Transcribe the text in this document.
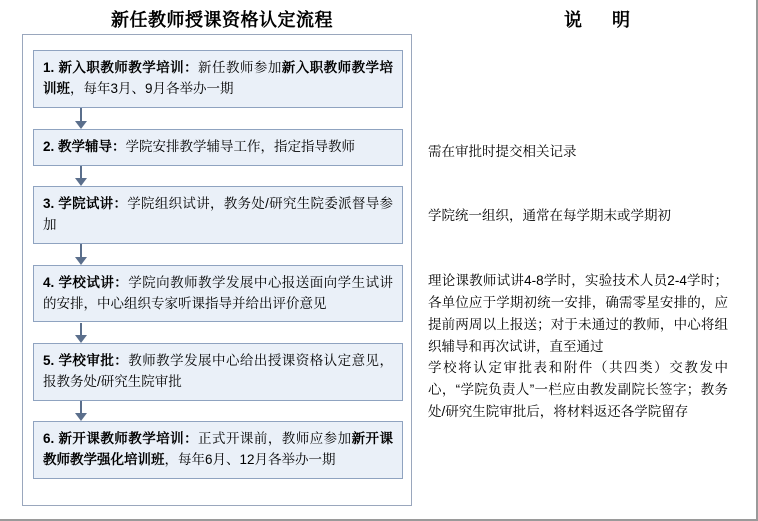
新任教师授课资格认定流程	说　明
1. 新入职教师教学培训：新任教师参加新入职教师教学培训班，每年3月、9月各举办一期
2. 教学辅导：学院安排教学辅导工作，指定指导教师
3. 学院试讲：学院组织试讲，教务处/研究生院委派督导参加
4. 学校试讲：学院向教师教学发展中心报送面向学生试讲的安排，中心组织专家听课指导并给出评价意见
5. 学校审批：教师教学发展中心给出授课资格认定意见，报教务处/研究生院审批
6. 新开课教师教学培训：正式开课前，教师应参加新开课教师教学强化培训班，每年6月、12月各举办一期
需在审批时提交相关记录
学院统一组织，通常在每学期末或学期初
理论课教师试讲4-8学时，实验技术人员2-4学时；各单位应于学期初统一安排，确需零星安排的，应提前两周以上报送；对于未通过的教师，中心将组织辅导和再次试讲，直至通过
学校将认定审批表和附件（共四类）交教发中心，“学院负责人”一栏应由教发副院长签字；教务处/研究生院审批后，将材料返还各学院留存
